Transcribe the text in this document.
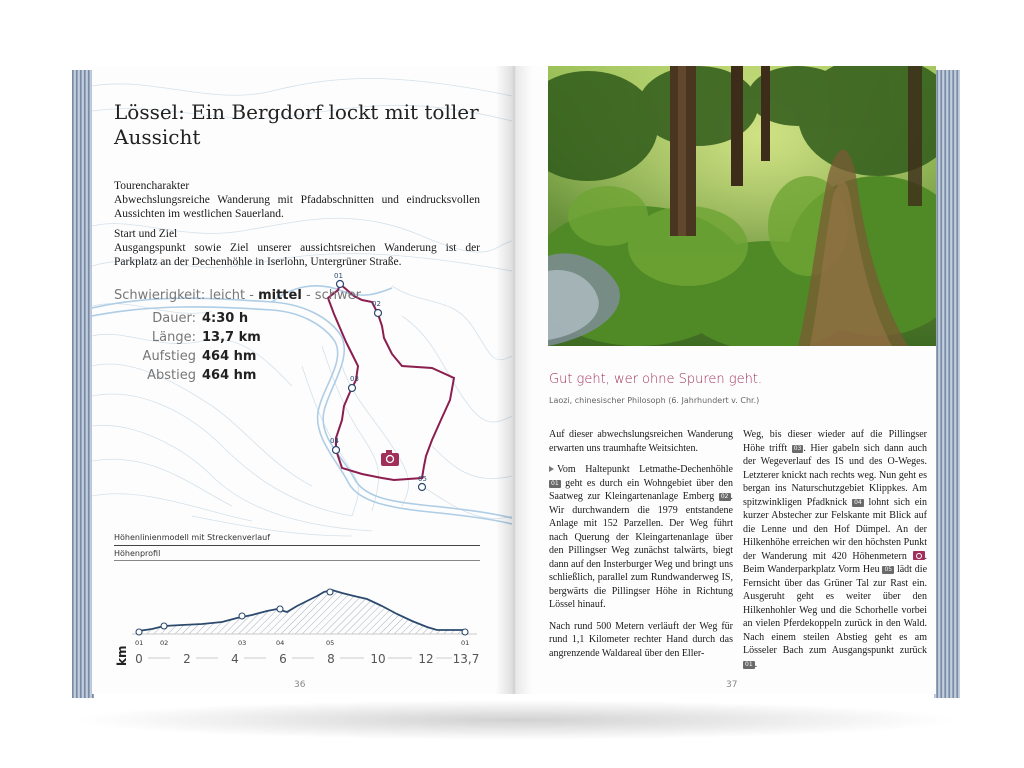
Lössel: Ein Bergdorf lockt mit toller
Aussicht
Tourencharakter
Abwechslungsreiche Wanderung mit Pfadabschnitten und eindrucksvollen Aussichten im westlichen Sauerland.
Start und Ziel
Ausgangspunkt sowie Ziel unserer aussichtsreichen Wanderung ist der Parkplatz an der Dechenhöhle in Iserlohn, Untergrüner Straße.
01
02
03
04
05
Schwierigkeit: leicht - mittel - schwer
Dauer: 4:30 h
Länge: 13,7 km
Aufstieg 464 hm
Abstieg 464 hm
Höhenlinienmodell mit Streckenverlauf
Höhenprofil
01	02	03	04	05	01
km 0	2	4	6	8	10	12 13,7
36
Gut geht, wer ohne Spuren geht.
Laozi, chinesischer Philosoph (6. Jahrhundert v. Chr.)

Auf dieser abwechslungsreichen Wanderung erwarten uns traumhafte Weitsichten.

Vom Haltepunkt Letmathe-Dechenhöhle 01 geht es durch ein Wohngebiet über den Saatweg zur Kleingartenanlage Emberg 02 . Wir durchwandern die 1979 entstandene Anlage mit 152 Parzellen. Der Weg führt nach Querung der Kleingartenanlage über den Pillingser Weg zunächst talwärts, biegt dann auf den Insterburger Weg und bringt uns schließlich, parallel zum Rundwanderweg IS, bergwärts die Pillingser Höhe in Richtung Lössel hinauf.

Nach rund 500 Metern verläuft der Weg für rund 1,1 Kilometer rechter Hand durch das angrenzende Waldareal über den Eller-

Weg, bis dieser wieder auf die Pillingser Höhe trifft 03 . Hier gabeln sich dann auch der Wegeverlauf des IS und des O-Weges. Letzterer knickt nach rechts weg. Nun geht es bergan ins Naturschutzgebiet Klippkes. Am spitzwinkligen Pfadknick 04 lohnt sich ein kurzer Abstecher zur Felskante mit Blick auf die Lenne und den Hof Dümpel. An der Hilkenhöhe erreichen wir den höchsten Punkt der Wanderung mit 420 Höhenmetern . Beim Wanderparkplatz Vorm Heu 05 lädt die Fernsicht über das Grüner Tal zur Rast ein. Ausgeruht geht es weiter über den Hilkenhohler Weg und die Schorhelle vorbei an vielen Pferdekoppeln zurück in den Wald. Nach einem steilen Abstieg geht es am Lösseler Bach zum Ausgangspunkt zurück 01 .

37
